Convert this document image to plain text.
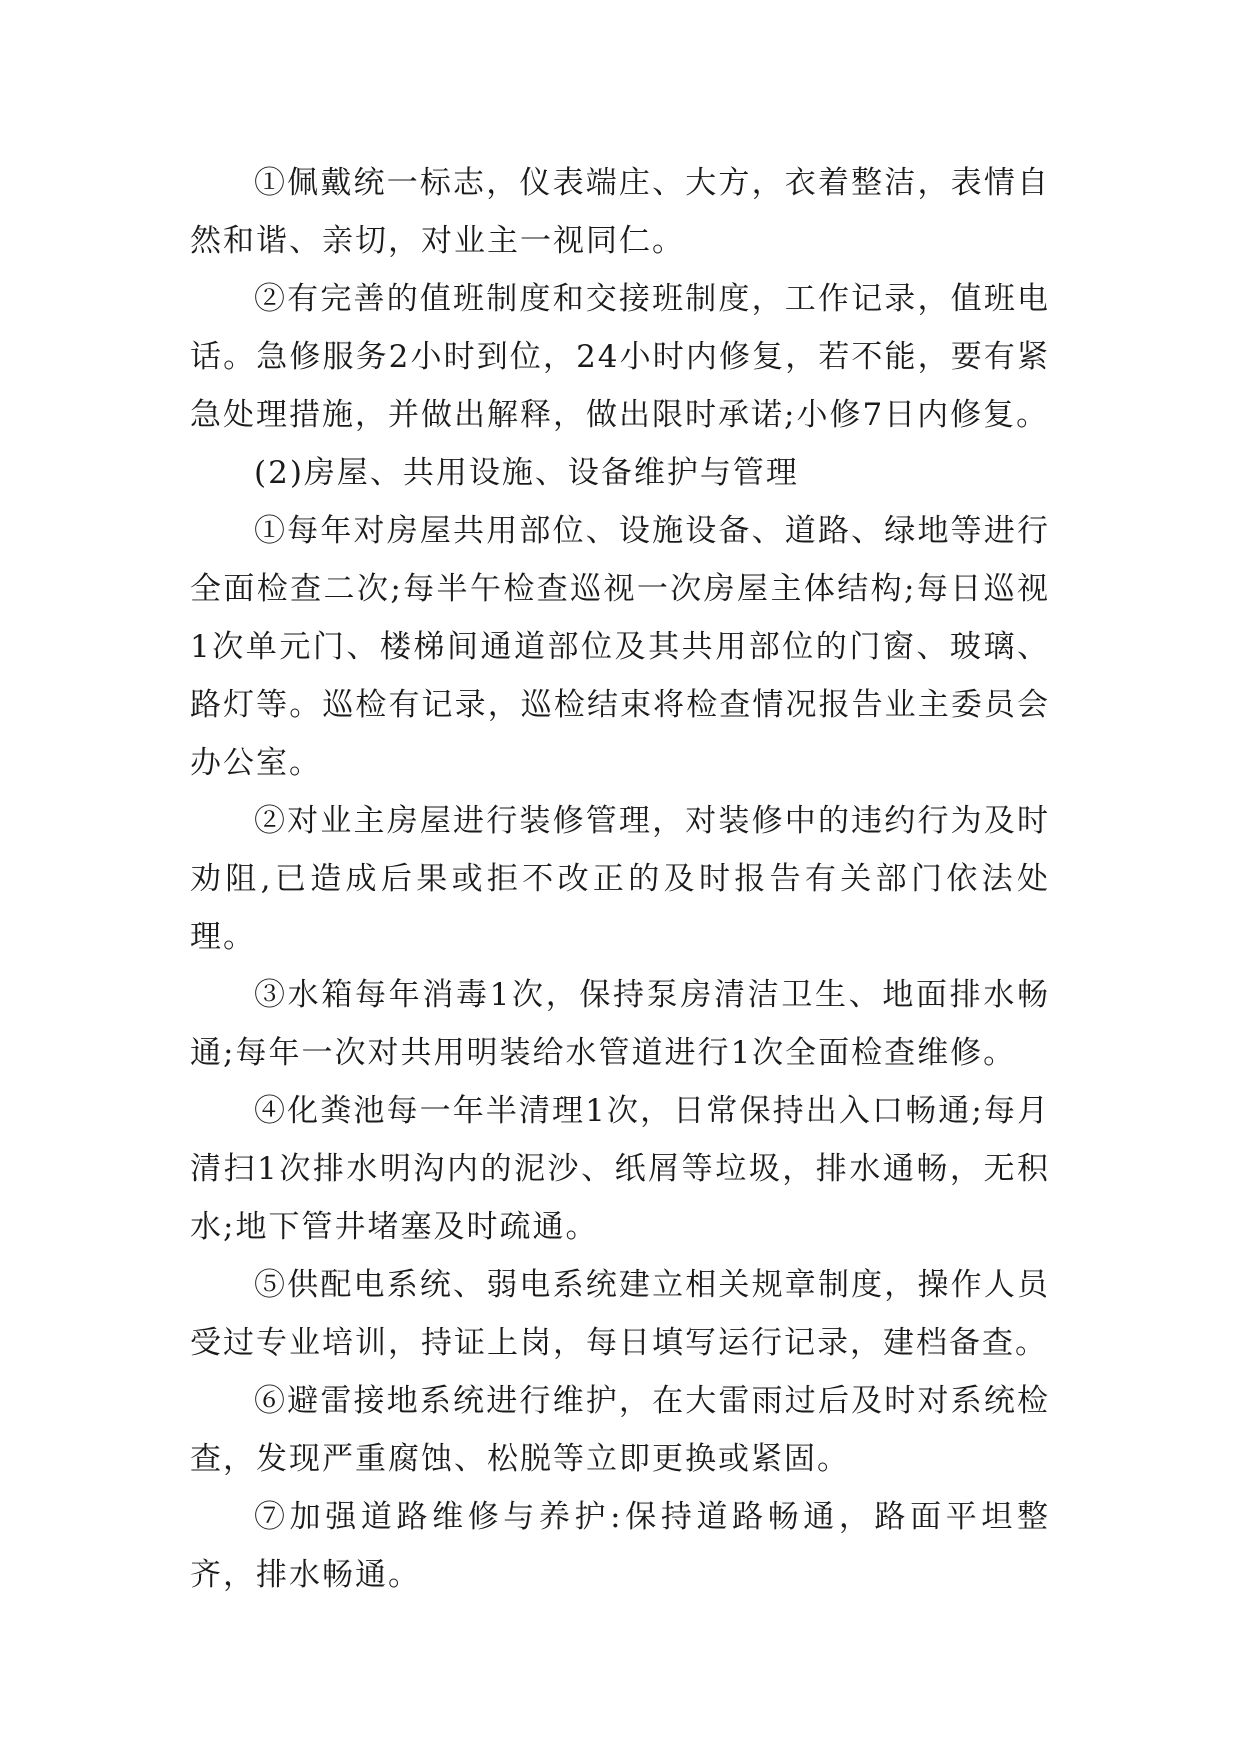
①佩戴统一标志，仪表端庄、大方，衣着整洁，表情自然和谐、亲切，对业主一视同仁。

②有完善的值班制度和交接班制度，工作记录，值班电话。急修服务2小时到位，24小时内修复，若不能，要有紧急处理措施，并做出解释，做出限时承诺;小修7日内修复。

(2)房屋、共用设施、设备维护与管理

①每年对房屋共用部位、设施设备、道路、绿地等进行全面检查二次;每半午检查巡视一次房屋主体结构;每日巡视1次单元门、楼梯间通道部位及其共用部位的门窗、玻璃、路灯等。巡检有记录，巡检结束将检查情况报告业主委员会办公室。

②对业主房屋进行装修管理，对装修中的违约行为及时劝阻,已造成后果或拒不改正的及时报告有关部门依法处理。

③水箱每年消毒1次，保持泵房清洁卫生、地面排水畅通;每年一次对共用明装给水管道进行1次全面检查维修。

④化粪池每一年半清理1次，日常保持出入口畅通;每月清扫1次排水明沟内的泥沙、纸屑等垃圾，排水通畅，无积水;地下管井堵塞及时疏通。

⑤供配电系统、弱电系统建立相关规章制度，操作人员受过专业培训，持证上岗，每日填写运行记录，建档备查。

⑥避雷接地系统进行维护，在大雷雨过后及时对系统检查，发现严重腐蚀、松脱等立即更换或紧固。

⑦加强道路维修与养护:保持道路畅通，路面平坦整齐，排水畅通。
